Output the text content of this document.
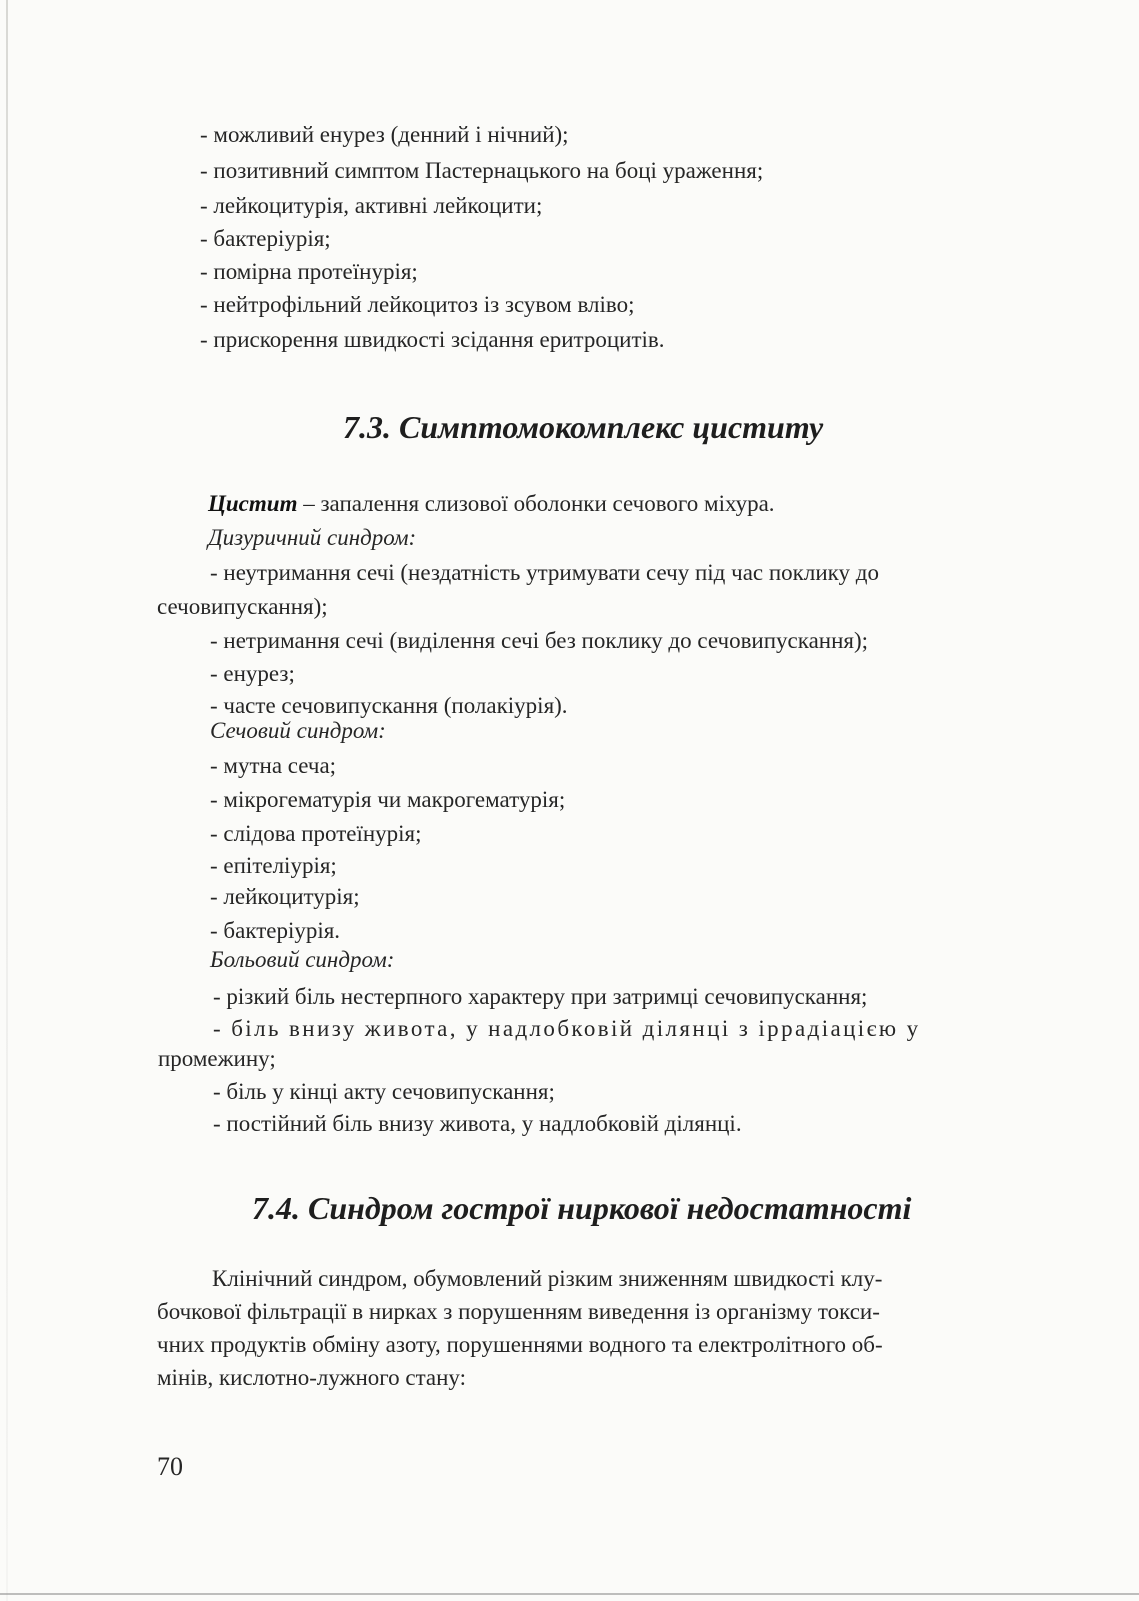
- можливий енурез (денний і нічний);
- позитивний симптом Пастернацького на боці ураження;
- лейкоцитурія, активні лейкоцити;
- бактеріурія;
- помірна протеїнурія;
- нейтрофільний лейкоцитоз із зсувом вліво;
- прискорення швидкості зсідання еритроцитів.
7.3. Симптомокомплекс циститу
Цистит – запалення слизової оболонки сечового міхура.
Дизуричний синдром:
- неутримання сечі (нездатність утримувати сечу під час поклику до
сечовипускання);
- нетримання сечі (виділення сечі без поклику до сечовипускання);
- енурез;
- часте сечовипускання (полакіурія).
Сечовий синдром:
- мутна сеча;
- мікрогематурія чи макрогематурія;
- слідова протеїнурія;
- епітеліурія;
- лейкоцитурія;
- бактеріурія.
Больовий синдром:
- різкий біль нестерпного характеру при затримці сечовипускання;
- біль внизу живота, у надлобковій ділянці з іррадіацією у
промежину;
- біль у кінці акту сечовипускання;
- постійний біль внизу живота, у надлобковій ділянці.
7.4. Синдром гострої ниркової недостатності
Клінічний синдром, обумовлений різким зниженням швидкості клу-
бочкової фільтрації в нирках з порушенням виведення із організму токси-
чних продуктів обміну азоту, порушеннями водного та електролітного об-
мінів, кислотно-лужного стану:
70
